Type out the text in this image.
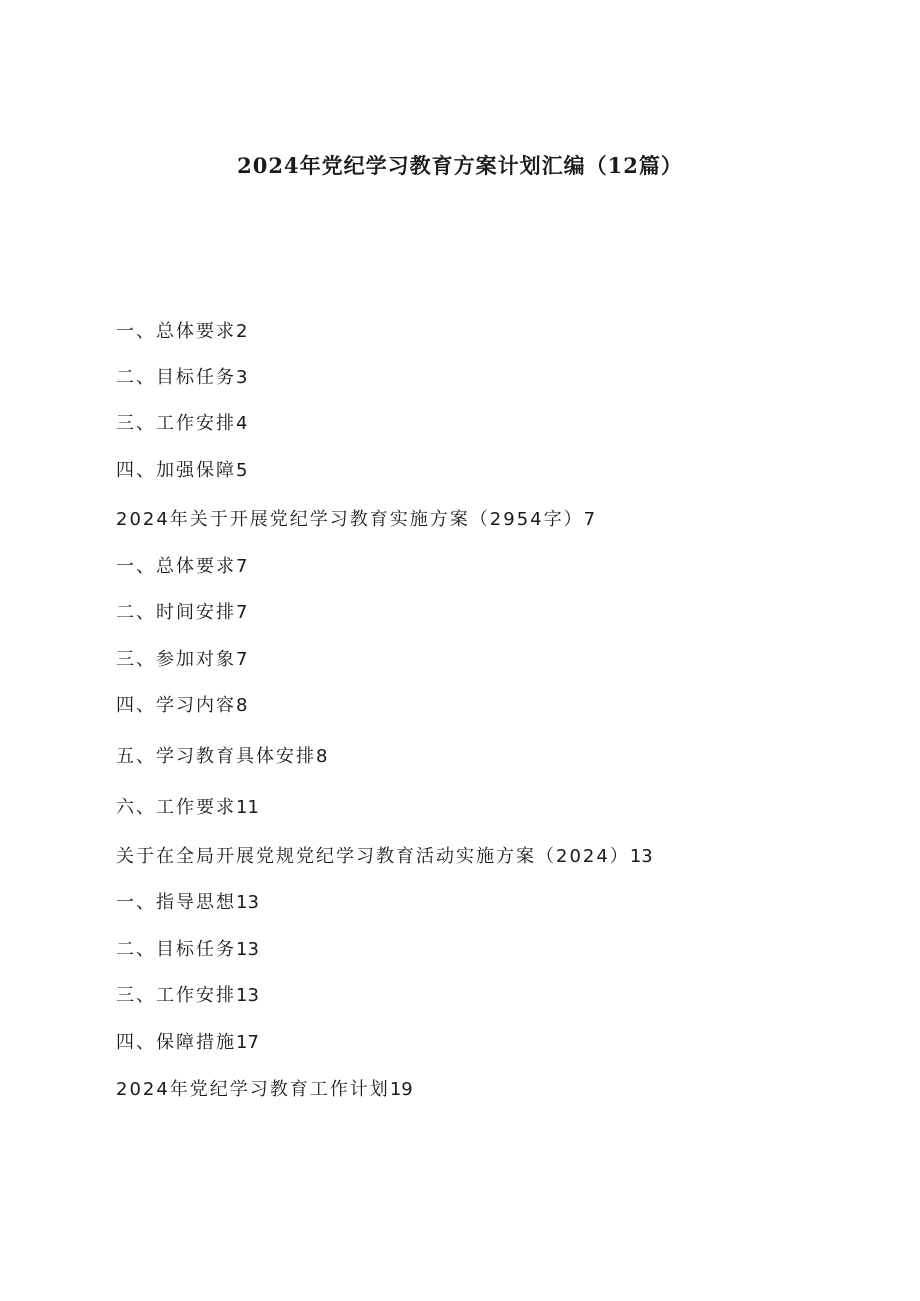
2024年党纪学习教育方案计划汇编（12篇）
一、总体要求2
二、目标任务3
三、工作安排4
四、加强保障5
2024年关于开展党纪学习教育实施方案（2954字）7
一、总体要求7
二、时间安排7
三、参加对象7
四、学习内容8
五、学习教育具体安排8
六、工作要求11
关于在全局开展党规党纪学习教育活动实施方案（2024）13
一、指导思想13
二、目标任务13
三、工作安排13
四、保障措施17
2024年党纪学习教育工作计划19
